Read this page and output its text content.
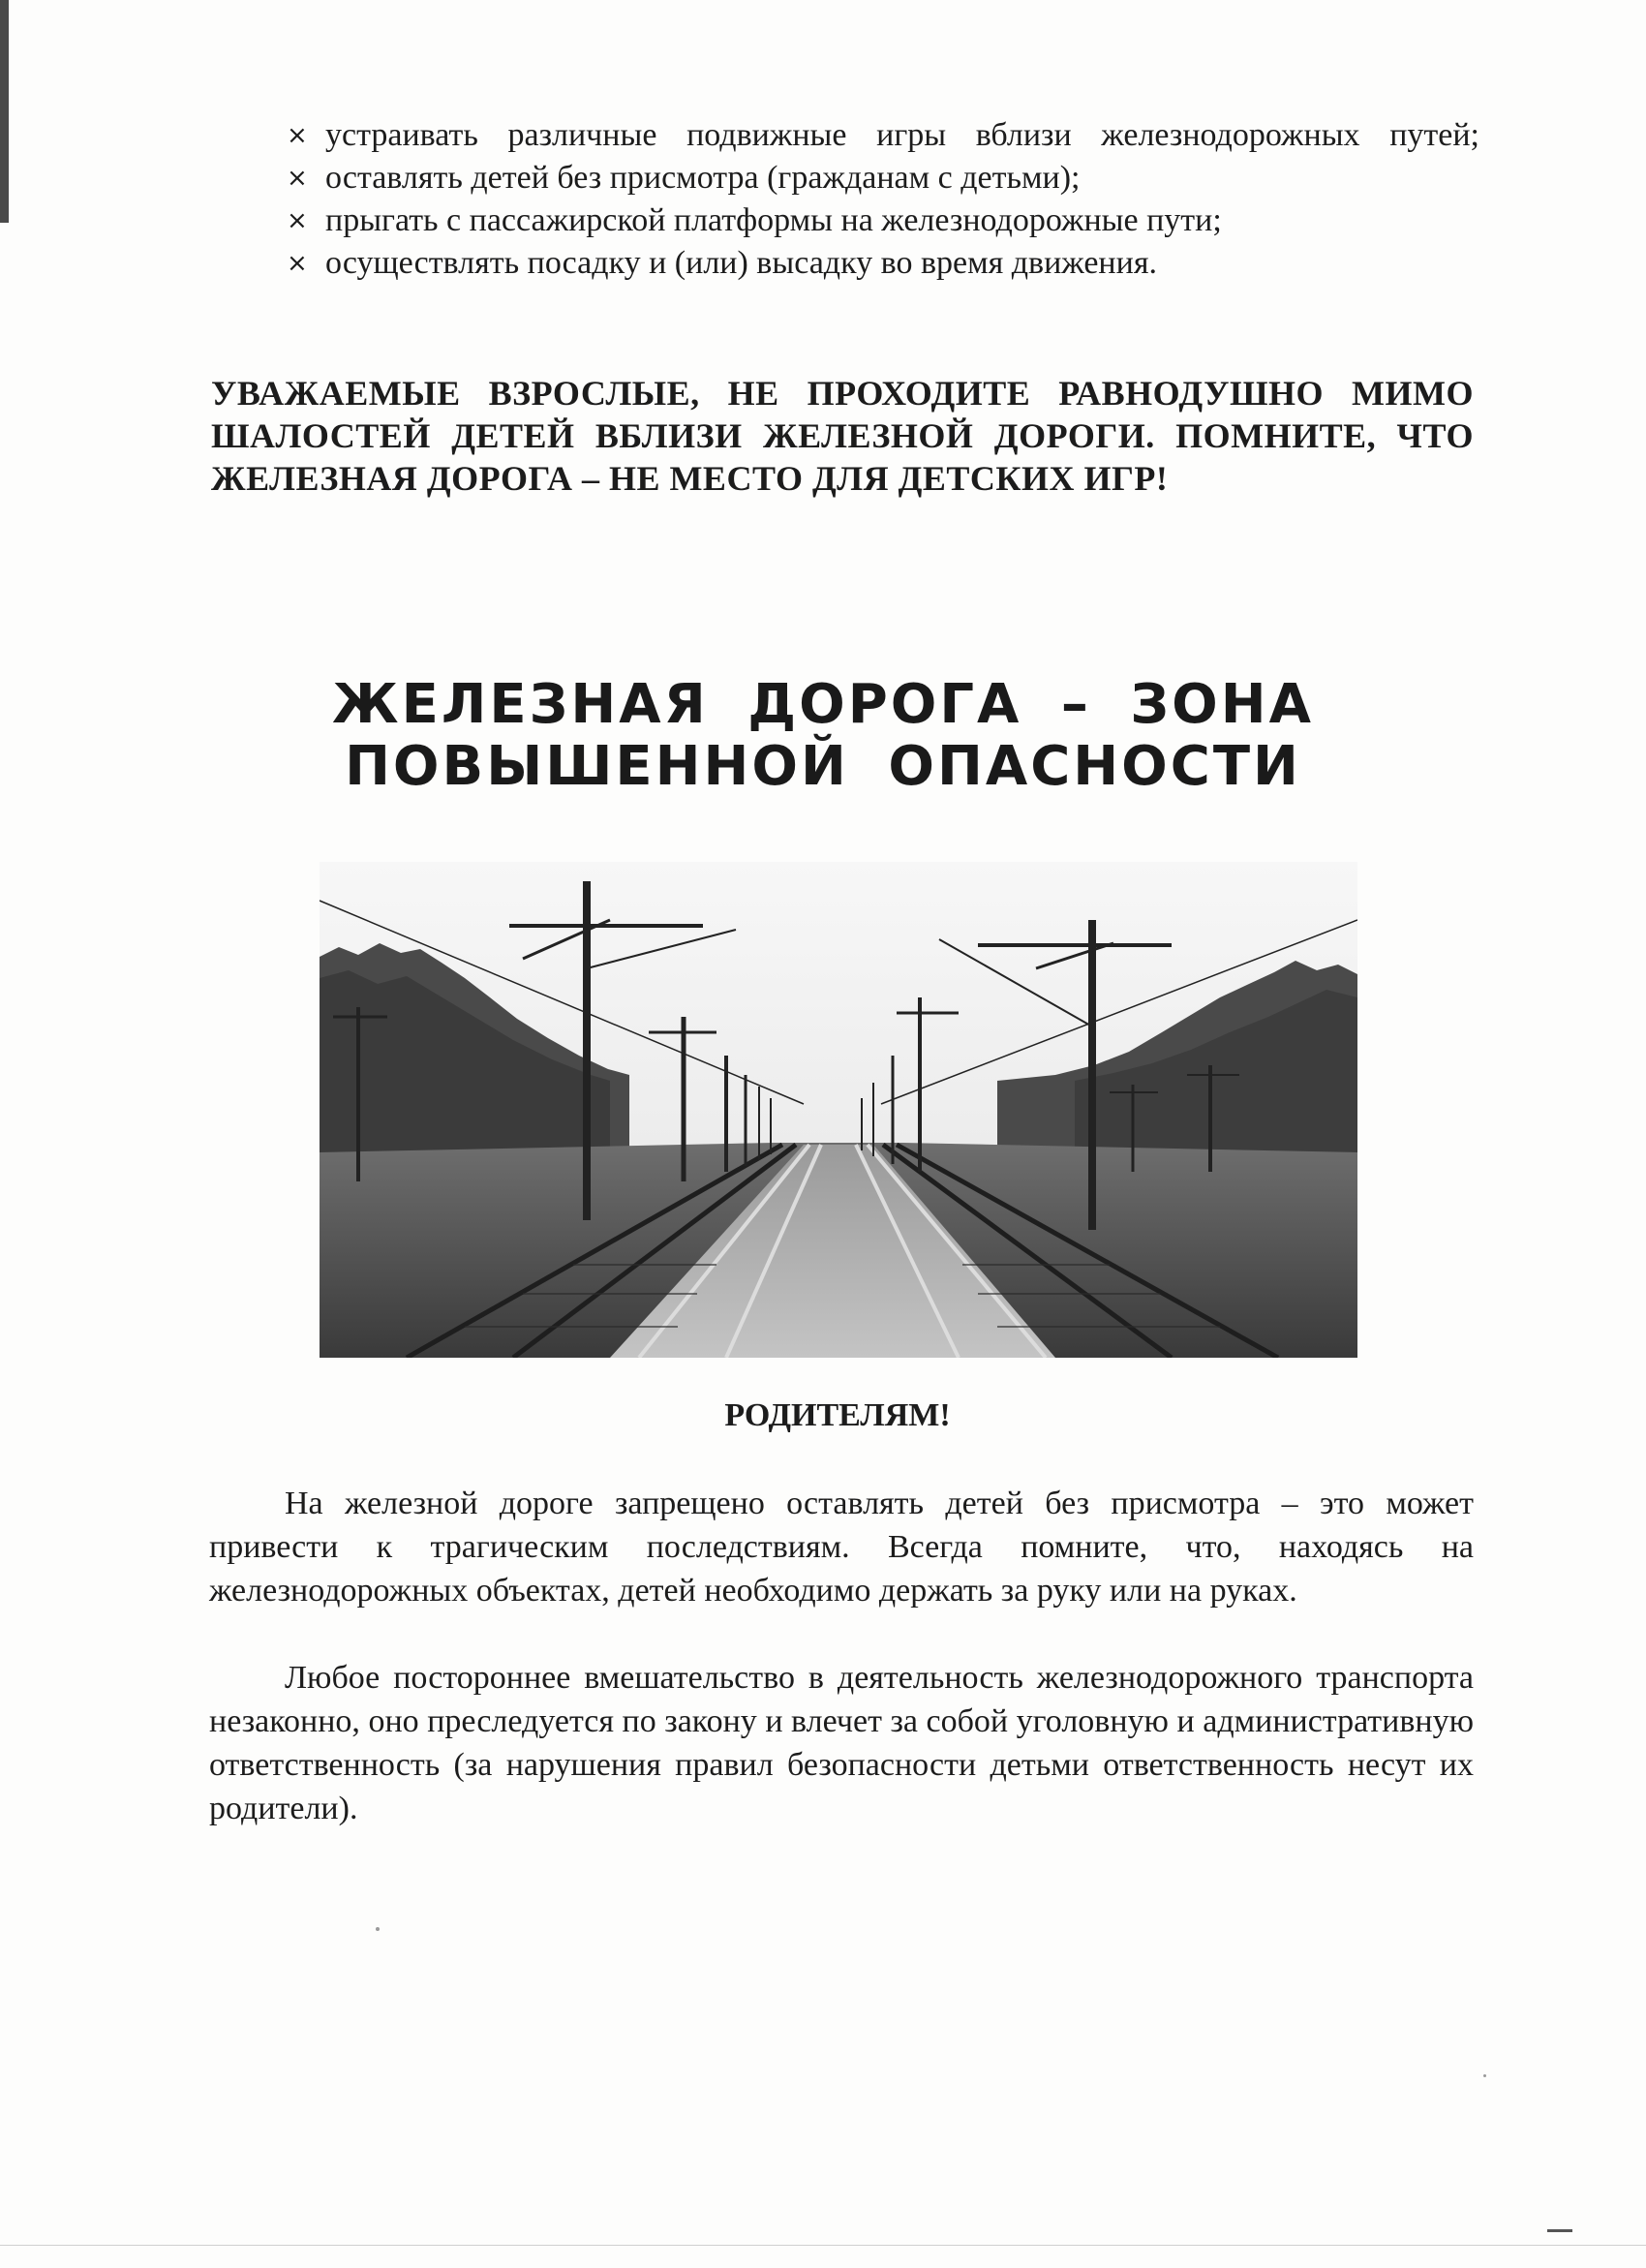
× устраивать различные подвижные игры вблизи железнодорожных путей;
× оставлять детей без присмотра (гражданам с детьми);
× прыгать с пассажирской платформы на железнодорожные пути;
× осуществлять посадку и (или) высадку во время движения.
УВАЖАЕМЫЕ ВЗРОСЛЫЕ, НЕ ПРОХОДИТЕ РАВНОДУШНО МИМО ШАЛОСТЕЙ ДЕТЕЙ ВБЛИЗИ ЖЕЛЕЗНОЙ ДОРОГИ. ПОМНИТЕ, ЧТО ЖЕЛЕЗНАЯ ДОРОГА – НЕ МЕСТО ДЛЯ ДЕТСКИХ ИГР!
ЖЕЛЕЗНАЯ ДОРОГА – ЗОНА
ПОВЫШЕННОЙ ОПАСНОСТИ
РОДИТЕЛЯМ!

На железной дороге запрещено оставлять детей без присмотра – это может привести к трагическим последствиям. Всегда помните, что, находясь на железнодорожных объектах, детей необходимо держать за руку или на руках.

Любое постороннее вмешательство в деятельность железнодорожного транспорта незаконно, оно преследуется по закону и влечет за собой уголовную и административную ответственность (за нарушения правил безопасности детьми ответственность несут их родители).
